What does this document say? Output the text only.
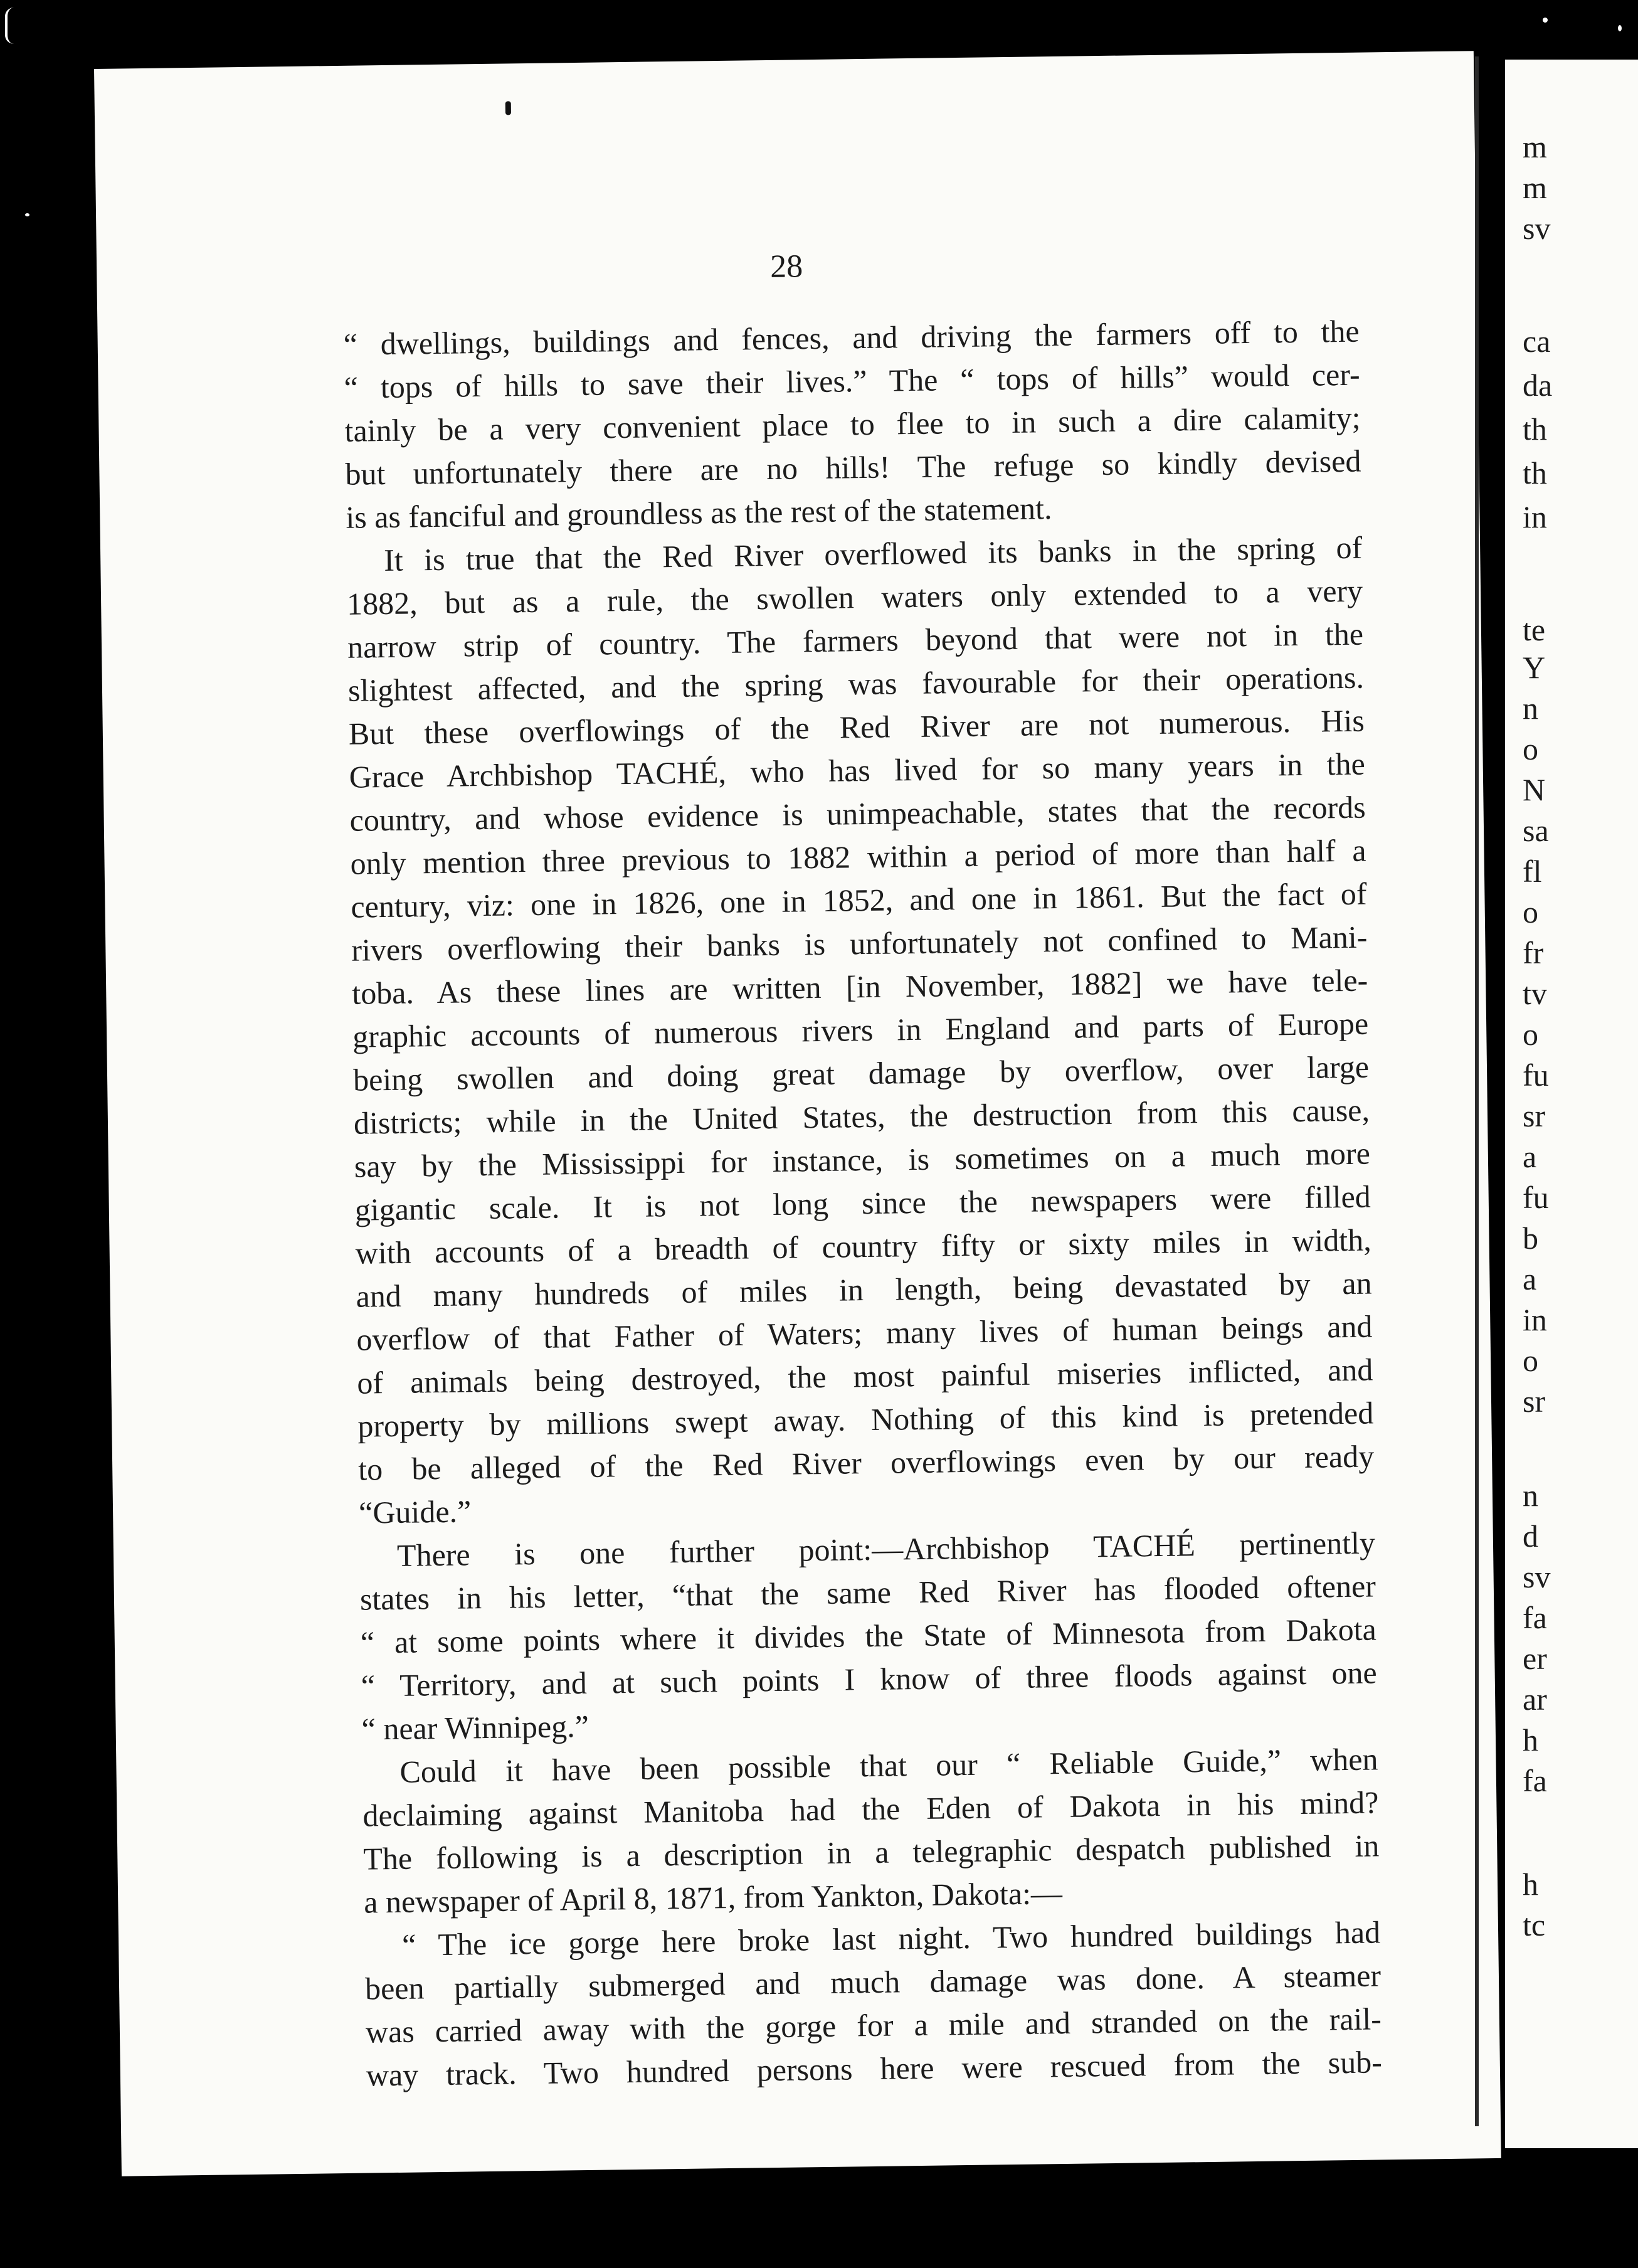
28
“ dwellings, buildings and fences, and driving the farmers off to the
“ tops of hills to save their lives.” The “ tops of hills” would cer-
tainly be a very convenient place to flee to in such a dire calamity;
but unfortunately there are no hills! The refuge so kindly devised
is as fanciful and groundless as the rest of the statement.
It is true that the Red River overflowed its banks in the spring of
1882, but as a rule, the swollen waters only extended to a very
narrow strip of country. The farmers beyond that were not in the
slightest affected, and the spring was favourable for their operations.
But these overflowings of the Red River are not numerous. His
Grace Archbishop TACHÉ, who has lived for so many years in the
country, and whose evidence is unimpeachable, states that the records
only mention three previous to 1882 within a period of more than half a
century, viz: one in 1826, one in 1852, and one in 1861. But the fact of
rivers overflowing their banks is unfortunately not confined to Mani-
toba. As these lines are written [in November, 1882] we have tele-
graphic accounts of numerous rivers in England and parts of Europe
being swollen and doing great damage by overflow, over large
districts; while in the United States, the destruction from this cause,
say by the Mississippi for instance, is sometimes on a much more
gigantic scale. It is not long since the newspapers were filled
with accounts of a breadth of country fifty or sixty miles in width,
and many hundreds of miles in length, being devastated by an
overflow of that Father of Waters; many lives of human beings and
of animals being destroyed, the most painful miseries inflicted, and
property by millions swept away. Nothing of this kind is pretended
to be alleged of the Red River overflowings even by our ready
“Guide.”
There is one further point:—Archbishop TACHÉ pertinently
states in his letter, “that the same Red River has flooded oftener
“ at some points where it divides the State of Minnesota from Dakota
“ Territory, and at such points I know of three floods against one
“ near Winnipeg.”
Could it have been possible that our “ Reliable Guide,” when
declaiming against Manitoba had the Eden of Dakota in his mind?
The following is a description in a telegraphic despatch published in
a newspaper of April 8, 1871, from Yankton, Dakota:—
“ The ice gorge here broke last night. Two hundred buildings had
been partially submerged and much damage was done. A steamer
was carried away with the gorge for a mile and stranded on the rail-
way track. Two hundred persons here were rescued from the sub-
m
m
sv
ca
da
th
th
in
te
Y
n
o
N
sa
fl
o
fr
tv
o
fu
sr
a
fu
b
a
in
o
sr
n
d
sv
fa
er
ar
h
fa
h
tc
